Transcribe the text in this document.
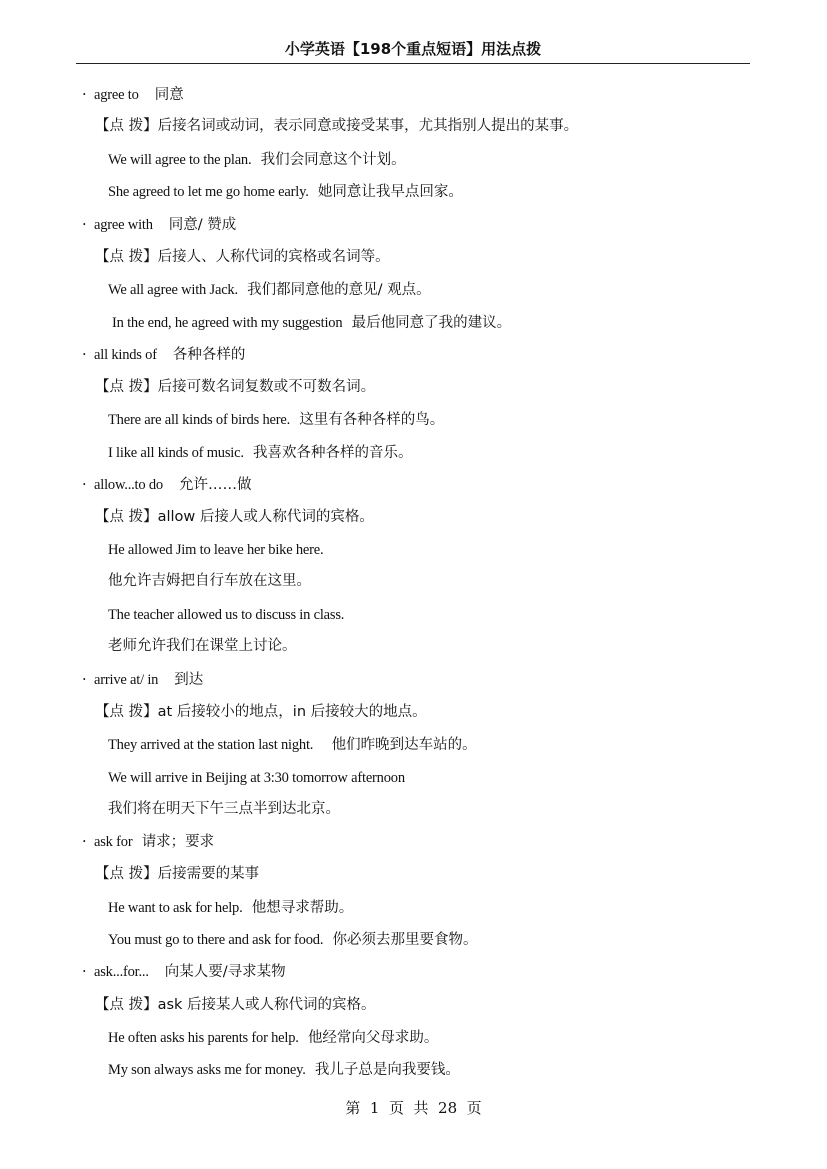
小学英语【198个重点短语】用法点拨
· agree to 同意
【点 拨】后接名词或动词，表示同意或接受某事，尤其指别人提出的某事。
We will agree to the plan. 我们会同意这个计划。
She agreed to let me go home early. 她同意让我早点回家。
· agree with 同意/ 赞成
【点 拨】后接人、人称代词的宾格或名词等。
We all agree with Jack. 我们都同意他的意见/ 观点。
In the end, he agreed with my suggestion 最后他同意了我的建议。
· all kinds of 各种各样的
【点 拨】后接可数名词复数或不可数名词。
There are all kinds of birds here. 这里有各种各样的鸟。
I like all kinds of music. 我喜欢各种各样的音乐。
· allow...to do 允许……做
【点 拨】allow 后接人或人称代词的宾格。
He allowed Jim to leave her bike here.
他允许吉姆把自行车放在这里。
The teacher allowed us to discuss in class.
老师允许我们在课堂上讨论。
· arrive at/ in 到达
【点 拨】at 后接较小的地点，in 后接较大的地点。
They arrived at the station last night. 他们昨晚到达车站的。
We will arrive in Beijing at 3:30 tomorrow afternoon
我们将在明天下午三点半到达北京。
· ask for 请求；要求
【点 拨】后接需要的某事
He want to ask for help. 他想寻求帮助。
You must go to there and ask for food. 你必须去那里要食物。
· ask...for... 向某人要/寻求某物
【点 拨】ask 后接某人或人称代词的宾格。
He often asks his parents for help. 他经常向父母求助。
My son always asks me for money. 我儿子总是向我要钱。
第  1  页  共  28  页
